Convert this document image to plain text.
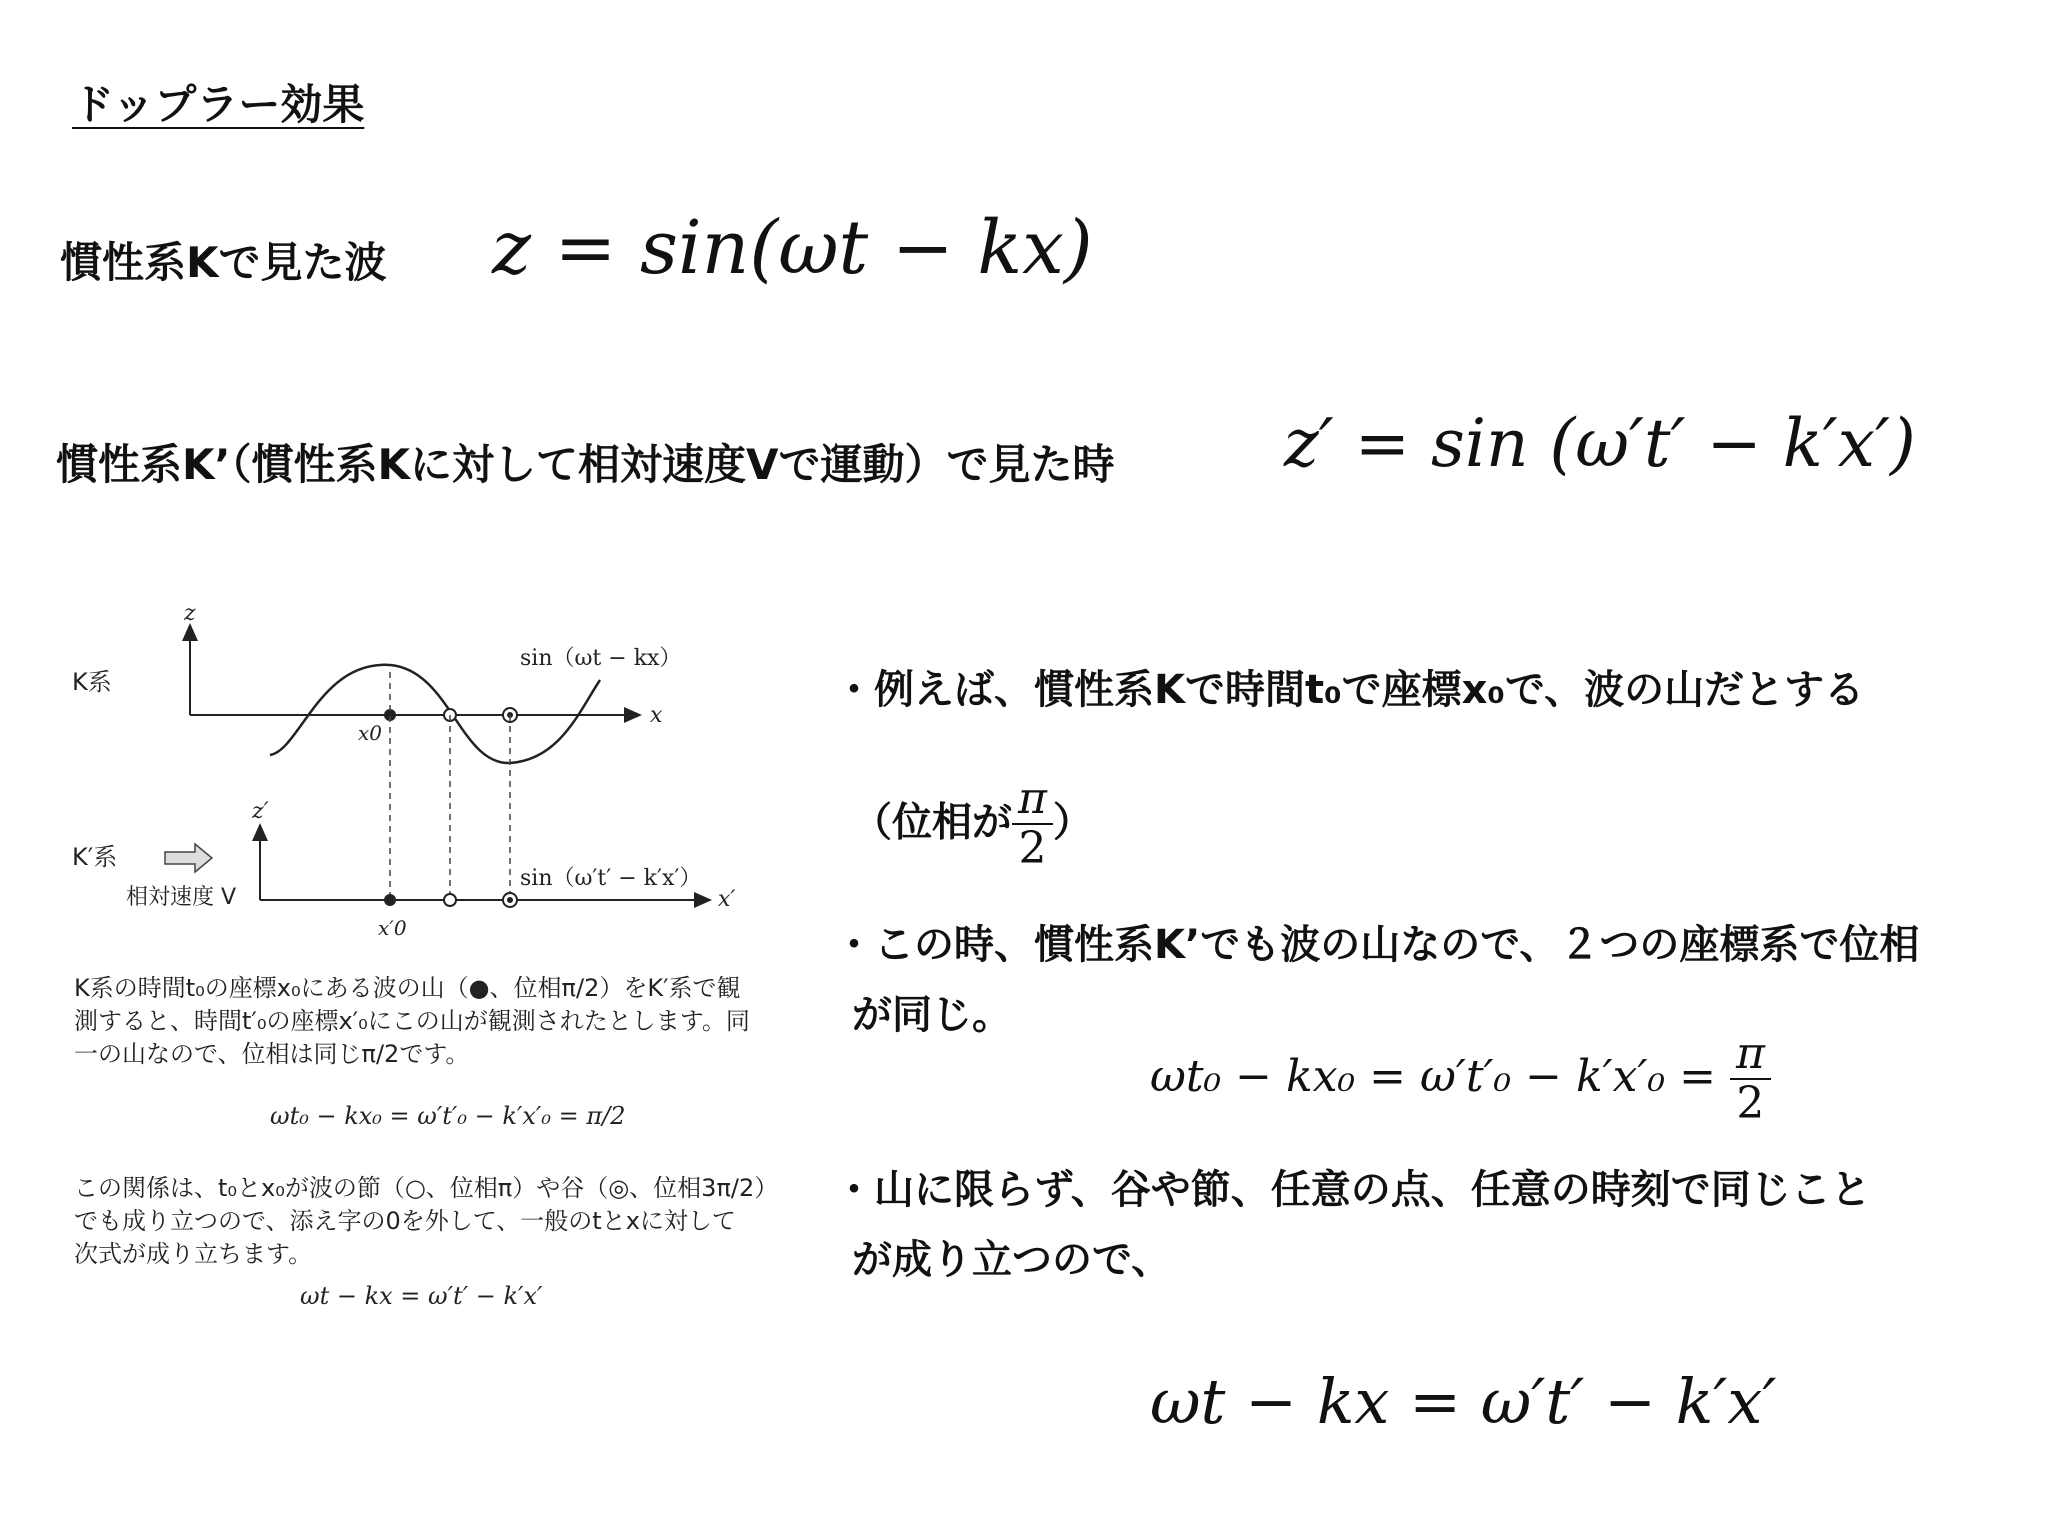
ドップラー効果
慣性系Kで見た波 z = sin(ωt − kx)
慣性系K’（慣性系Kに対して相対速度Vで運動）で見た時	z′ = sin (ω′t′ − k′x′)
z
x
K系
sin（ωt − kx）
x0
z′
x′
K′系
相対速度 V
sin（ω′t′ − k′x′）
x′0
K系の時間t₀の座標x₀にある波の山（●、位相π/2）をK′系で観
測すると、時間t′₀の座標x′₀にこの山が観測されたとします。同
一の山なので、位相は同じπ/2です。
ωt₀ − kx₀ = ω′t′₀ − k′x′₀ = π/2
この関係は、t₀とx₀が波の節（○、位相π）や谷（◎、位相3π/2）
でも成り立つので、添え字の0を外して、一般のtとxに対して
次式が成り立ちます。
ωt − kx = ω′t′ − k′x′
・例えば、慣性系Kで時間t₀で座標x₀で、波の山だとする
（位相が $\frac{\pi}{2}$ ）
・この時、慣性系K’でも波の山なので、２つの座標系で位相
が同じ。
$\omega t_0 - kx_0 = \omega't'_0 - k'x'_0 = \frac{\pi}{2}$
・山に限らず、谷や節、任意の点、任意の時刻で同じこと
が成り立つので、
ωt − kx = ω′t′ − k′x′
